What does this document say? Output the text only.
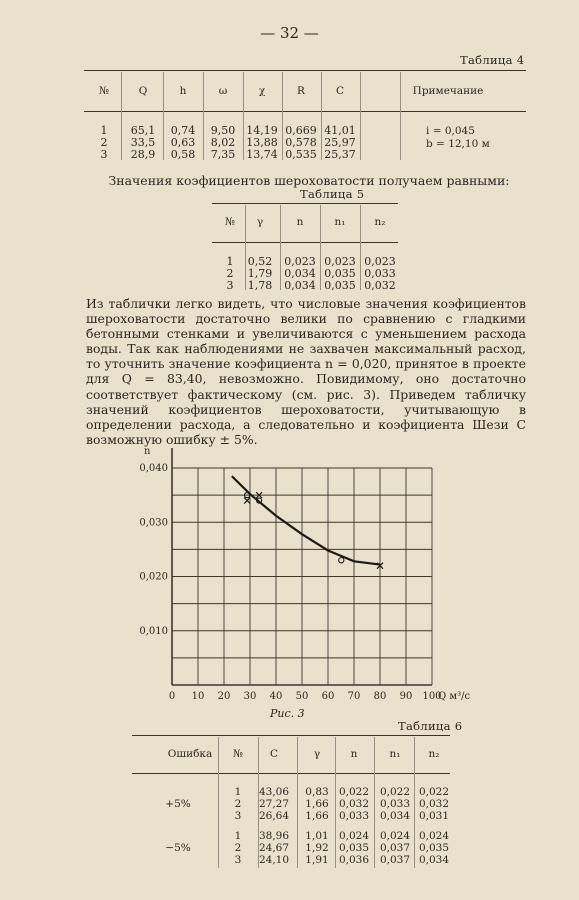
— 32 —
Таблица 4
№	Q	h	ω	χ	R	C	Примечание
1 65,1 0,74 9,50 14,19 0,669 41,01
2 33,5 0,63 8,02 13,88 0,578 25,97
3 28,9 0,58 7,35 13,74 0,535 25,37
i = 0,045
b = 12,10 м
Значения коэфициентов шероховатости получаем равными:
Таблица 5
№ γ	n	n₁	n₂
1 0,52 0,023 0,023 0,023
2 1,79 0,034 0,035 0,033
3 1,78 0,034 0,035 0,032
Из таблички легко видеть, что числовые значения коэфициентов шероховатости достаточно велики по сравнению с гладкими бетонными стенками и увеличиваются с уменьшением расхода воды. Так как наблюдениями не захвачен максимальный расход, то уточнить значение коэфициента n = 0,020, принятое в проекте для Q = 83,40, невозможно. Повидимому, оно достаточно соответствует фактическому (см. рис. 3). Приведем табличку значений коэфициентов шероховатости, учитывающую в определении расхода, а следовательно и коэфициента Шези C возможную ошибку ± 5%.
0 10 20 30 40 50 60 70 80 90 100
0,040
0,030
0,020
0,010
n
Q м³/с
Рис. 3
Таблица 6
Ошибка №	C	γ	n	n₁	n₂
+5%
1 43,06 0,83 0,022 0,022 0,022
2 27,27 1,66 0,032 0,033 0,032
3 26,64 1,66 0,033 0,034 0,031
−5%
1 38,96 1,01 0,024 0,024 0,024
2 24,67 1,92 0,035 0,037 0,035
3 24,10 1,91 0,036 0,037 0,034
